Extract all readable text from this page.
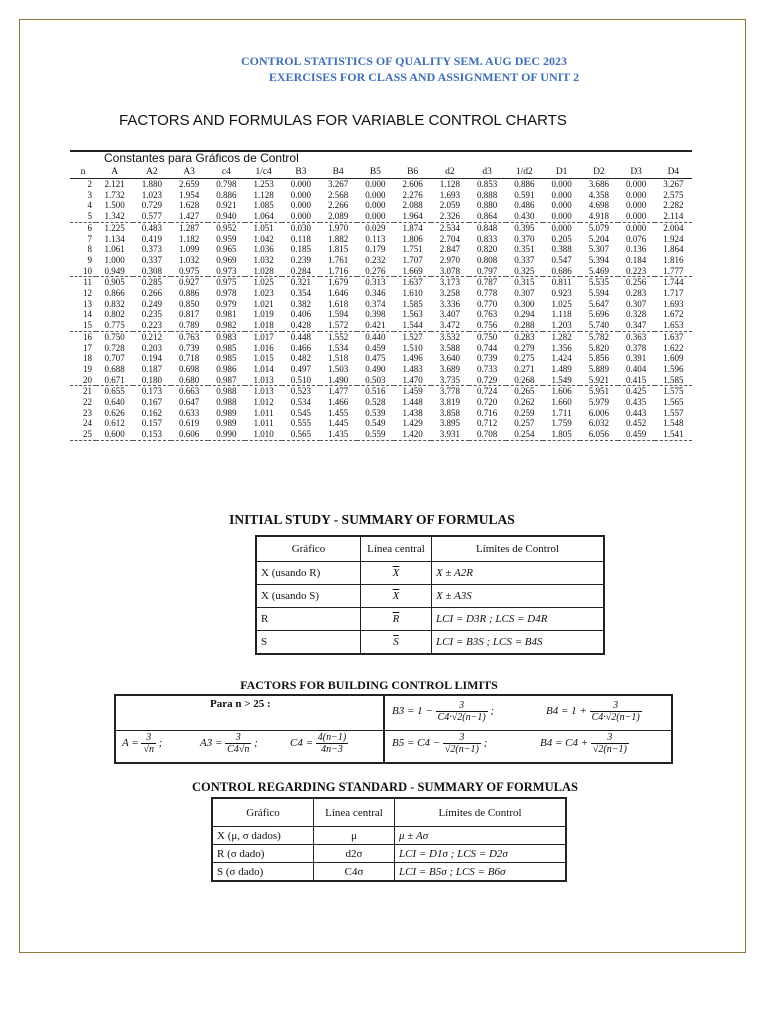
CONTROL STATISTICS OF QUALITY SEM. AUG DEC 2023
EXERCISES FOR CLASS AND ASSIGNMENT OF UNIT 2
FACTORS AND FORMULAS FOR VARIABLE CONTROL CHARTS
Constantes para Gráficos de Control
n	A	A2	A3	c4	1/c4	B3	B4	B5	B6	d2	d3	1/d2	D1	D2	D3	D4
2	2.121	1.880	2.659	0.798	1.253	0.000	3.267	0.000	2.606	1.128	0.853	0.886	0.000	3.686	0.000	3.267
3	1.732	1.023	1.954	0.886	1.128	0.000	2.568	0.000	2.276	1.693	0.888	0.591	0.000	4.358	0.000	2.575
4	1.500	0.729	1.628	0.921	1.085	0.000	2.266	0.000	2.088	2.059	0.880	0.486	0.000	4.698	0.000	2.282
5	1.342	0.577	1.427	0.940	1.064	0.000	2.089	0.000	1.964	2.326	0.864	0.430	0.000	4.918	0.000	2.114
6	1.225	0.483	1.287	0.952	1.051	0.030	1.970	0.029	1.874	2.534	0.848	0.395	0.000	5.079	0.000	2.004
7	1.134	0.419	1.182	0.959	1.042	0.118	1.882	0.113	1.806	2.704	0.833	0.370	0.205	5.204	0.076	1.924
8	1.061	0.373	1.099	0.965	1.036	0.185	1.815	0.179	1.751	2.847	0.820	0.351	0.388	5.307	0.136	1.864
9	1.000	0.337	1.032	0.969	1.032	0.239	1.761	0.232	1.707	2.970	0.808	0.337	0.547	5.394	0.184	1.816
10	0.949	0.308	0.975	0.973	1.028	0.284	1.716	0.276	1.669	3.078	0.797	0.325	0.686	5.469	0.223	1.777
11	0.905	0.285	0.927	0.975	1.025	0.321	1.679	0.313	1.637	3.173	0.787	0.315	0.811	5.535	0.256	1.744
12	0.866	0.266	0.886	0.978	1.023	0.354	1.646	0.346	1.610	3.258	0.778	0.307	0.923	5.594	0.283	1.717
13	0.832	0.249	0.850	0.979	1.021	0.382	1.618	0.374	1.585	3.336	0.770	0.300	1.025	5.647	0.307	1.693
14	0.802	0.235	0.817	0.981	1.019	0.406	1.594	0.398	1.563	3.407	0.763	0.294	1.118	5.696	0.328	1.672
15	0.775	0.223	0.789	0.982	1.018	0.428	1.572	0.421	1.544	3.472	0.756	0.288	1.203	5.740	0.347	1.653
16	0.750	0.212	0.763	0.983	1.017	0.448	1.552	0.440	1.527	3.532	0.750	0.283	1.282	5.782	0.363	1.637
17	0.728	0.203	0.739	0.985	1.016	0.466	1.534	0.459	1.510	3.588	0.744	0.279	1.356	5.820	0.378	1.622
18	0.707	0.194	0.718	0.985	1.015	0.482	1.518	0.475	1.496	3.640	0.739	0.275	1.424	5.856	0.391	1.609
19	0.688	0.187	0.698	0.986	1.014	0.497	1.503	0.490	1.483	3.689	0.733	0.271	1.489	5.889	0.404	1.596
20	0.671	0.180	0.680	0.987	1.013	0.510	1.490	0.503	1.470	3.735	0.729	0.268	1.549	5.921	0.415	1.585
21	0.655	0.173	0.663	0.988	1.013	0.523	1.477	0.516	1.459	3.778	0.724	0.265	1.606	5.951	0.425	1.575
22	0.640	0.167	0.647	0.988	1.012	0.534	1.466	0.528	1.448	3.819	0.720	0.262	1.660	5.979	0.435	1.565
23	0.626	0.162	0.633	0.989	1.011	0.545	1.455	0.539	1.438	3.858	0.716	0.259	1.711	6.006	0.443	1.557
24	0.612	0.157	0.619	0.989	1.011	0.555	1.445	0.549	1.429	3.895	0.712	0.257	1.759	6.032	0.452	1.548
25	0.600	0.153	0.606	0.990	1.010	0.565	1.435	0.559	1.420	3.931	0.708	0.254	1.805	6.056	0.459	1.541
INITIAL STUDY - SUMMARY OF FORMULAS
Gráfico	Línea central	Límites de Control
X (usando R)	$\overline{X}$	X ± A2R
X (usando S)	$\overline{X}$	X ± A3S
R	$\overline{R}$	LCI = D3R ; LCS = D4R
S	$\overline{S}$	LCI = B3S ; LCS = B4S
FACTORS FOR BUILDING CONTROL LIMITS
Para n > 25 :
$B3 = 1 - \frac{3}{C4\cdot√2(n-1)}$ ;	$B4 = 1 + \frac{3}{C4\cdot√2(n-1)}$
$A = \frac{3}{√n}$ ;	$A3 = \frac{3}{C4√n}$ ;	$C4 = \frac{4(n-1)}{4n-3}$	$B5 = C4 - \frac{3}{√2(n-1)}$ ;	$B4 = C4 + \frac{3}{√2(n-1)}$
CONTROL REGARDING STANDARD - SUMMARY OF FORMULAS
Gráfico	Línea central	Límites de Control
X (μ, σ dados)	μ	μ ± Aσ
R (σ dado)	d2σ	LCI = D1σ ; LCS = D2σ
S (σ dado)	C4σ	LCI = B5σ ; LCS = B6σ
